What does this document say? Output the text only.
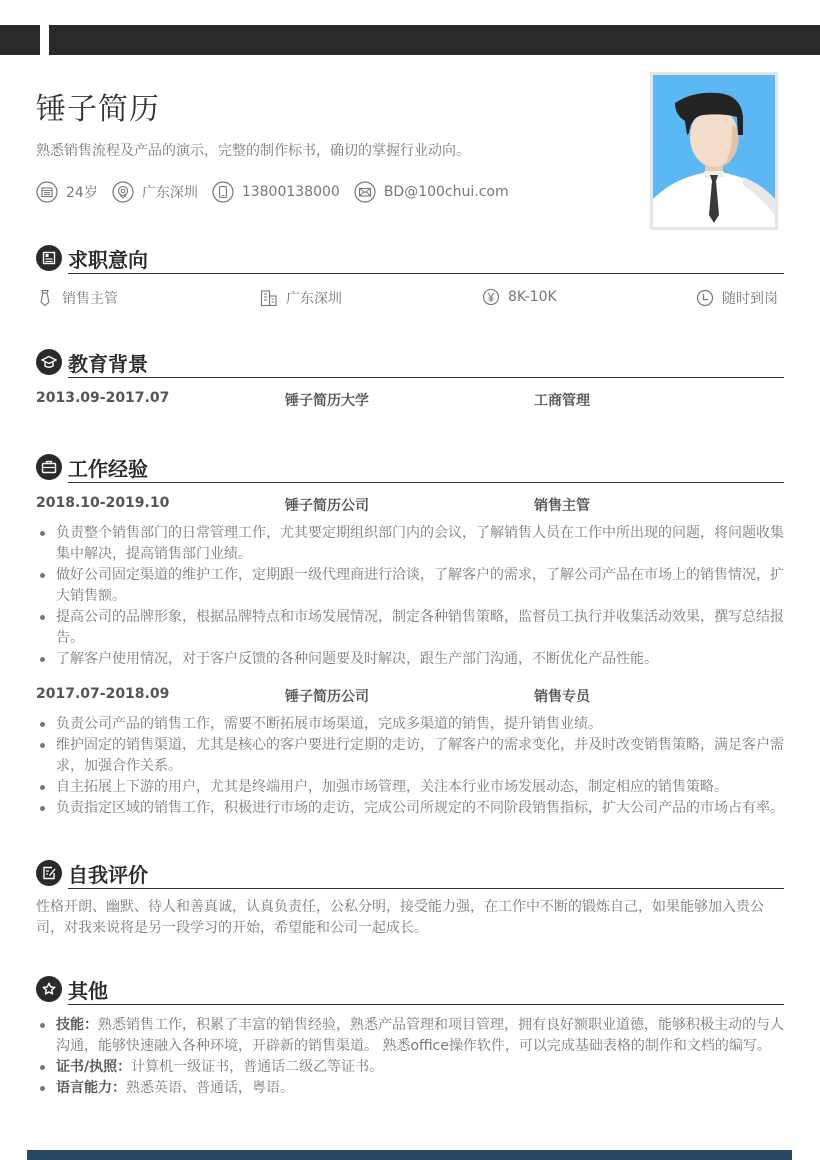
锤子简历
熟悉销售流程及产品的演示，完整的制作标书，确切的掌握行业动向。
24岁	广东深圳	13800138000	BD@100chui.com
求职意向
销售主管	广东深圳	8K-10K	随时到岗
教育背景
2013.09-2017.07	锤子简历大学	工商管理
工作经验
2018.10-2019.10	锤子简历公司	销售主管
负责整个销售部门的日常管理工作，尤其要定期组织部门内的会议，了解销售人员在工作中所出现的问题，将问题收集集中解决，提高销售部门业绩。
做好公司固定渠道的维护工作，定期跟一级代理商进行洽谈，了解客户的需求，了解公司产品在市场上的销售情况，扩大销售额。
提高公司的品牌形象，根据品牌特点和市场发展情况，制定各种销售策略，监督员工执行并收集活动效果，撰写总结报告。
了解客户使用情况，对于客户反馈的各种问题要及时解决，跟生产部门沟通，不断优化产品性能。
2017.07-2018.09	锤子简历公司	销售专员
负责公司产品的销售工作，需要不断拓展市场渠道，完成多渠道的销售，提升销售业绩。
维护固定的销售渠道，尤其是核心的客户要进行定期的走访，了解客户的需求变化，并及时改变销售策略，满足客户需求，加强合作关系。
自主拓展上下游的用户，尤其是终端用户，加强市场管理，关注本行业市场发展动态，制定相应的销售策略。
负责指定区域的销售工作，积极进行市场的走访，完成公司所规定的不同阶段销售指标，扩大公司产品的市场占有率。
自我评价
性格开朗、幽默、待人和善真诚，认真负责任，公私分明，接受能力强，在工作中不断的锻炼自己，如果能够加入贵公司，对我来说将是另一段学习的开始，希望能和公司一起成长。
其他
技能：熟悉销售工作，积累了丰富的销售经验，熟悉产品管理和项目管理，拥有良好额职业道德，能够积极主动的与人沟通，能够快速融入各种环境，开辟新的销售渠道。 熟悉office操作软件，可以完成基础表格的制作和文档的编写。
证书/执照：计算机一级证书，普通话二级乙等证书。
语言能力：熟悉英语、普通话，粤语。
